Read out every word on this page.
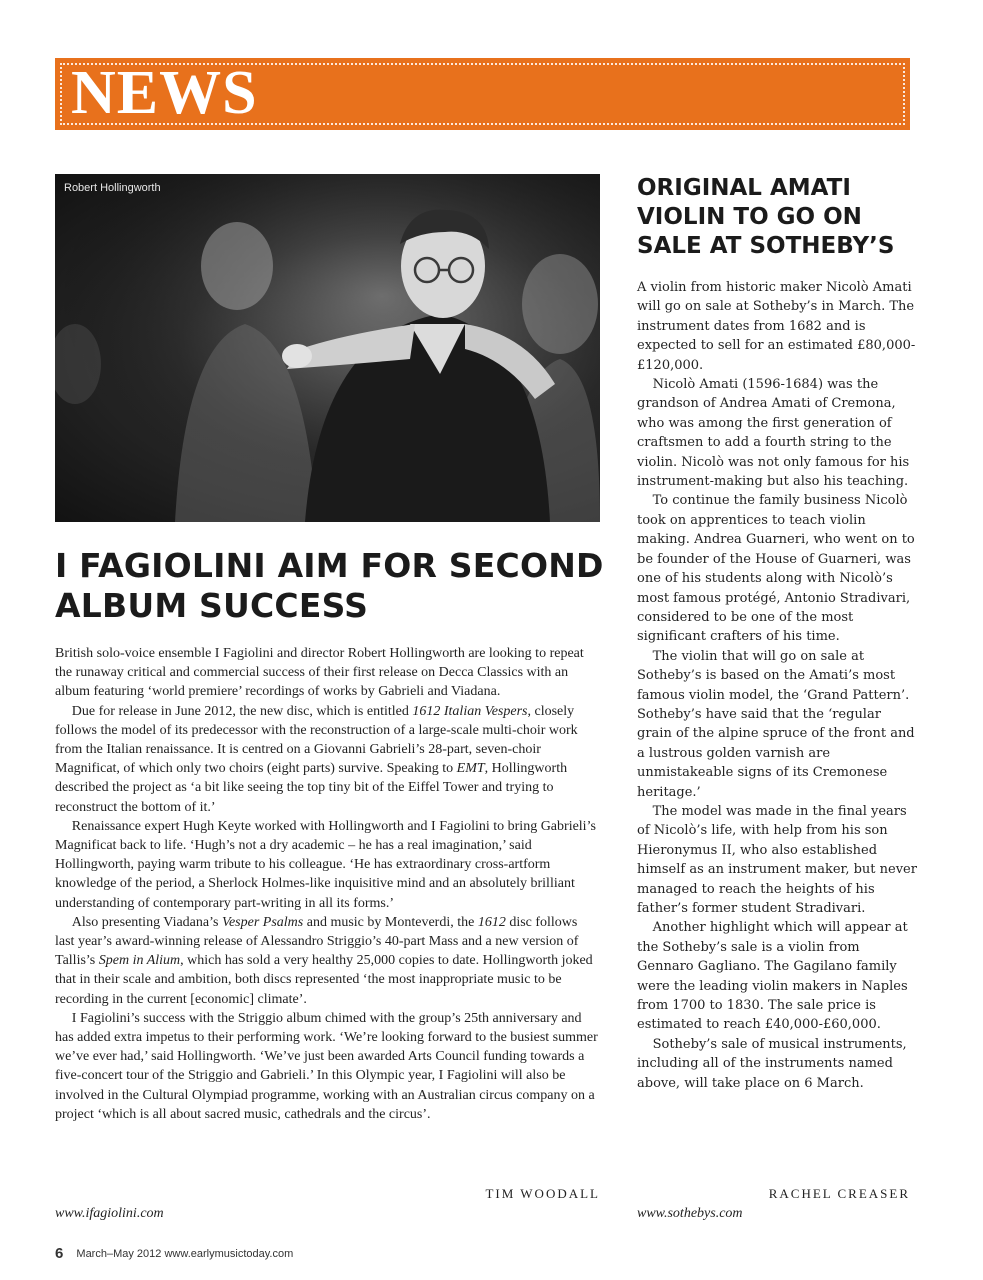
NEWS
Robert Hollingworth
I FAGIOLINI AIM FOR SECOND ALBUM SUCCESS

British solo-voice ensemble I Fagiolini and director Robert Hollingworth are looking to repeat the runaway critical and commercial success of their first release on Decca Classics with an album featuring ‘world premiere’ recordings of works by Gabrieli and Viadana.

Due for release in June 2012, the new disc, which is entitled 1612 Italian Vespers, closely follows the model of its predecessor with the reconstruction of a large-scale multi-choir work from the Italian renaissance. It is centred on a Giovanni Gabrieli’s 28-part, seven-choir Magnificat, of which only two choirs (eight parts) survive. Speaking to EMT, Hollingworth described the project as ‘a bit like seeing the top tiny bit of the Eiffel Tower and trying to reconstruct the bottom of it.’

Renaissance expert Hugh Keyte worked with Hollingworth and I Fagiolini to bring Gabrieli’s Magnificat back to life. ‘Hugh’s not a dry academic – he has a real imagination,’ said Hollingworth, paying warm tribute to his colleague. ‘He has extraordinary cross-artform knowledge of the period, a Sherlock Holmes-like inquisitive mind and an absolutely brilliant understanding of contemporary part-writing in all its forms.’

Also presenting Viadana’s Vesper Psalms and music by Monteverdi, the 1612 disc follows last year’s award-winning release of Alessandro Striggio’s 40-part Mass and a new version of Tallis’s Spem in Alium, which has sold a very healthy 25,000 copies to date. Hollingworth joked that in their scale and ambition, both discs represented ‘the most inappropriate music to be recording in the current [economic] climate’.

I Fagiolini’s success with the Striggio album chimed with the group’s 25th anniversary and has added extra impetus to their performing work. ‘We’re looking forward to the busiest summer we’ve ever had,’ said Hollingworth. ‘We’ve just been awarded Arts Council funding towards a five-concert tour of the Striggio and Gabrieli.’ In this Olympic year, I Fagiolini will also be involved in the Cultural Olympiad programme, working with an Australian circus company on a project ‘which is all about sacred music, cathedrals and the circus’.

TIM WOODALL
www.ifagiolini.com
ORIGINAL AMATI VIOLIN TO GO ON SALE AT SOTHEBY’S

A violin from historic maker Nicolò Amati will go on sale at Sotheby’s in March. The instrument dates from 1682 and is expected to sell for an estimated £80,000-£120,000.

Nicolò Amati (1596-1684) was the grandson of Andrea Amati of Cremona, who was among the first generation of craftsmen to add a fourth string to the violin. Nicolò was not only famous for his instrument-making but also his teaching.

To continue the family business Nicolò took on apprentices to teach violin making. Andrea Guarneri, who went on to be founder of the House of Guarneri, was one of his students along with Nicolò’s most famous protégé, Antonio Stradivari, considered to be one of the most significant crafters of his time.

The violin that will go on sale at Sotheby’s is based on the Amati’s most famous violin model, the ‘Grand Pattern’. Sotheby’s have said that the ‘regular grain of the alpine spruce of the front and a lustrous golden varnish are unmistakeable signs of its Cremonese heritage.’

The model was made in the final years of Nicolò’s life, with help from his son Hieronymus II, who also established himself as an instrument maker, but never managed to reach the heights of his father’s former student Stradivari.

Another highlight which will appear at the Sotheby’s sale is a violin from Gennaro Gagliano. The Gagilano family were the leading violin makers in Naples from 1700 to 1830. The sale price is estimated to reach £40,000-£60,000.

Sotheby’s sale of musical instruments, including all of the instruments named above, will take place on 6 March.

RACHEL CREASER
www.sothebys.com
6 March–May 2012 www.earlymusictoday.com
